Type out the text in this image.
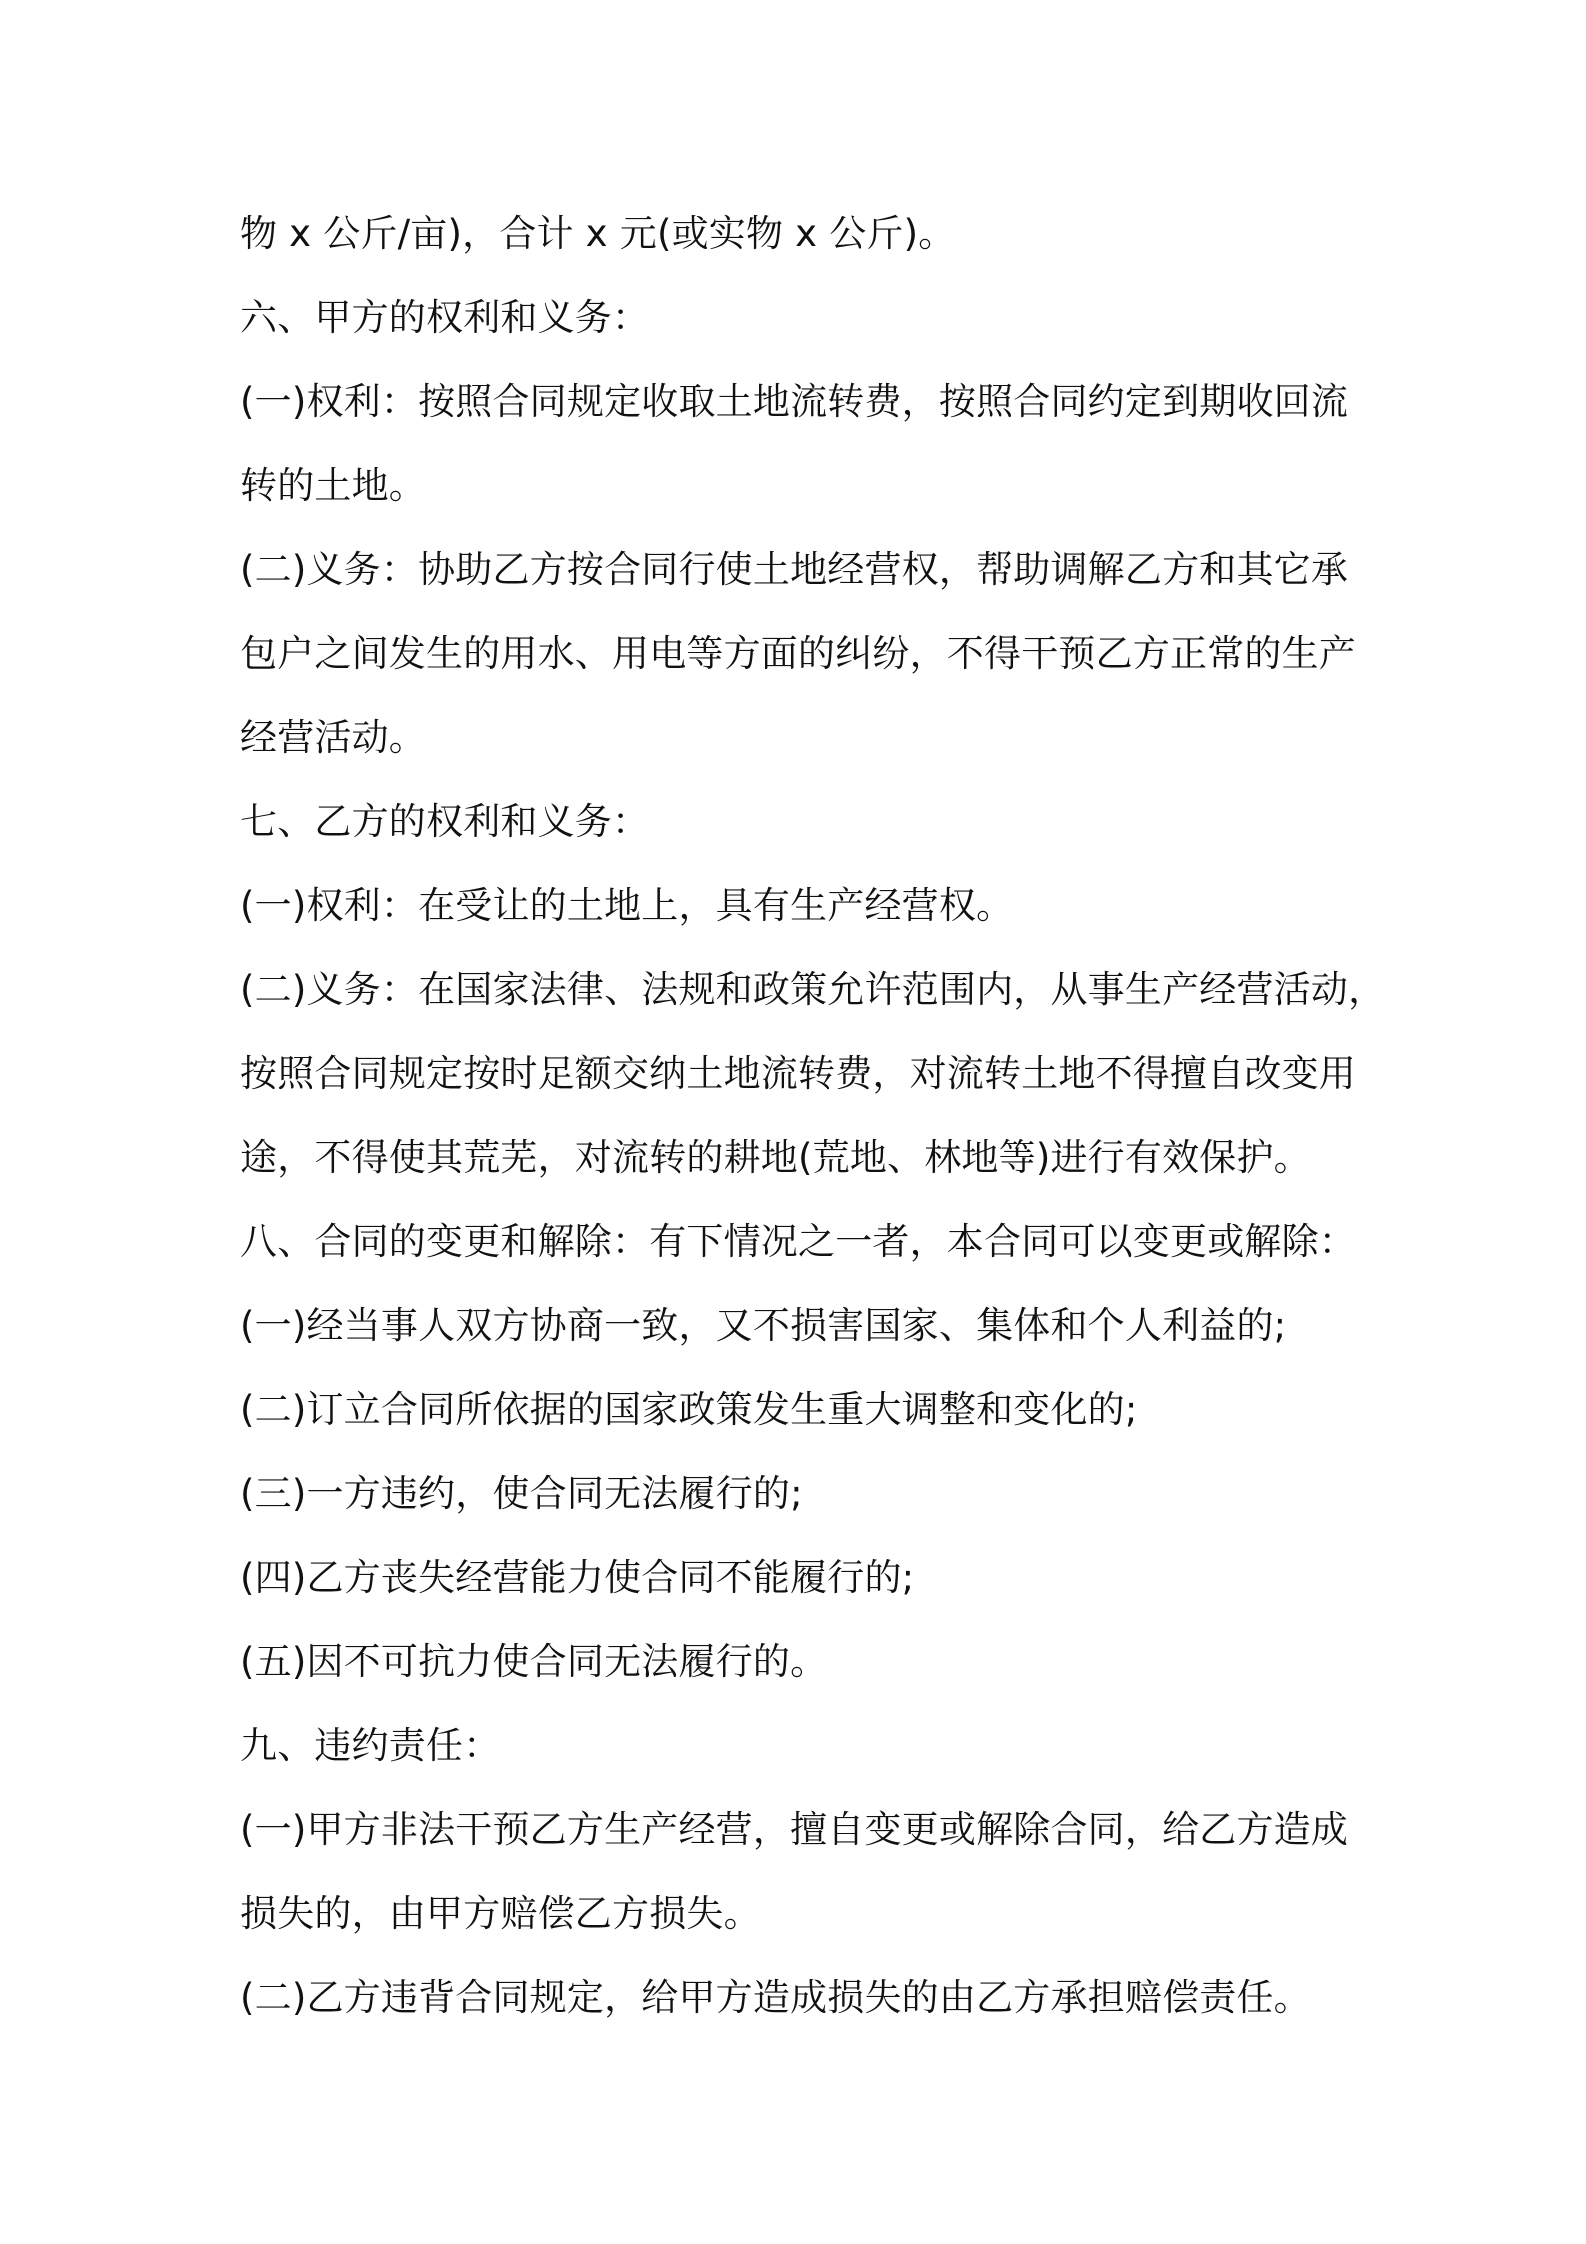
物 x 公斤/亩)，合计 x 元(或实物 x 公斤)。
六、甲方的权利和义务：
(一)权利：按照合同规定收取土地流转费，按照合同约定到期收回流
转的土地。
(二)义务：协助乙方按合同行使土地经营权，帮助调解乙方和其它承
包户之间发生的用水、用电等方面的纠纷，不得干预乙方正常的生产
经营活动。
七、乙方的权利和义务：
(一)权利：在受让的土地上，具有生产经营权。
(二)义务：在国家法律、法规和政策允许范围内，从事生产经营活动，
按照合同规定按时足额交纳土地流转费，对流转土地不得擅自改变用
途，不得使其荒芜，对流转的耕地(荒地、林地等)进行有效保护。
八、合同的变更和解除：有下情况之一者，本合同可以变更或解除：
(一)经当事人双方协商一致，又不损害国家、集体和个人利益的;
(二)订立合同所依据的国家政策发生重大调整和变化的;
(三)一方违约，使合同无法履行的;
(四)乙方丧失经营能力使合同不能履行的;
(五)因不可抗力使合同无法履行的。
九、违约责任：
(一)甲方非法干预乙方生产经营，擅自变更或解除合同，给乙方造成
损失的，由甲方赔偿乙方损失。
(二)乙方违背合同规定，给甲方造成损失的由乙方承担赔偿责任。
